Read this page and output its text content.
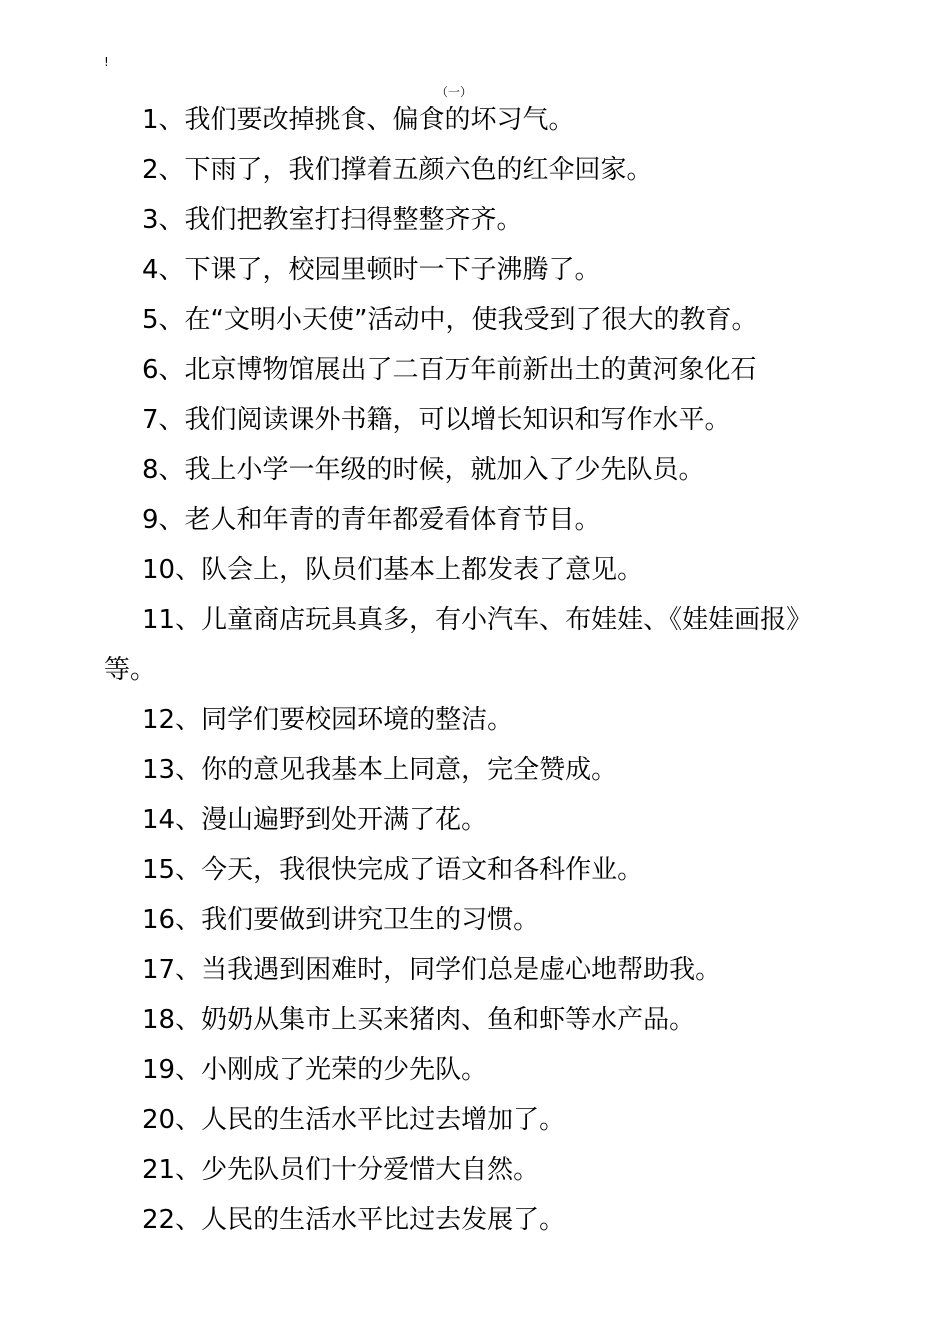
!
（一）
1、我们要改掉挑食、偏食的坏习气。
2、下雨了，我们撑着五颜六色的红伞回家。
3、我们把教室打扫得整整齐齐。
4、下课了，校园里顿时一下子沸腾了。
5、在“文明小天使”活动中，使我受到了很大的教育。
6、北京博物馆展出了二百万年前新出土的黄河象化石
7、我们阅读课外书籍，可以增长知识和写作水平。
8、我上小学一年级的时候，就加入了少先队员。
9、老人和年青的青年都爱看体育节目。
10、队会上，队员们基本上都发表了意见。
11、儿童商店玩具真多，有小汽车、布娃娃、《娃娃画报》
等。
12、同学们要校园环境的整洁。
13、你的意见我基本上同意，完全赞成。
14、漫山遍野到处开满了花。
15、今天，我很快完成了语文和各科作业。
16、我们要做到讲究卫生的习惯。
17、当我遇到困难时，同学们总是虚心地帮助我。
18、奶奶从集市上买来猪肉、鱼和虾等水产品。
19、小刚成了光荣的少先队。
20、人民的生活水平比过去增加了。
21、少先队员们十分爱惜大自然。
22、人民的生活水平比过去发展了。
